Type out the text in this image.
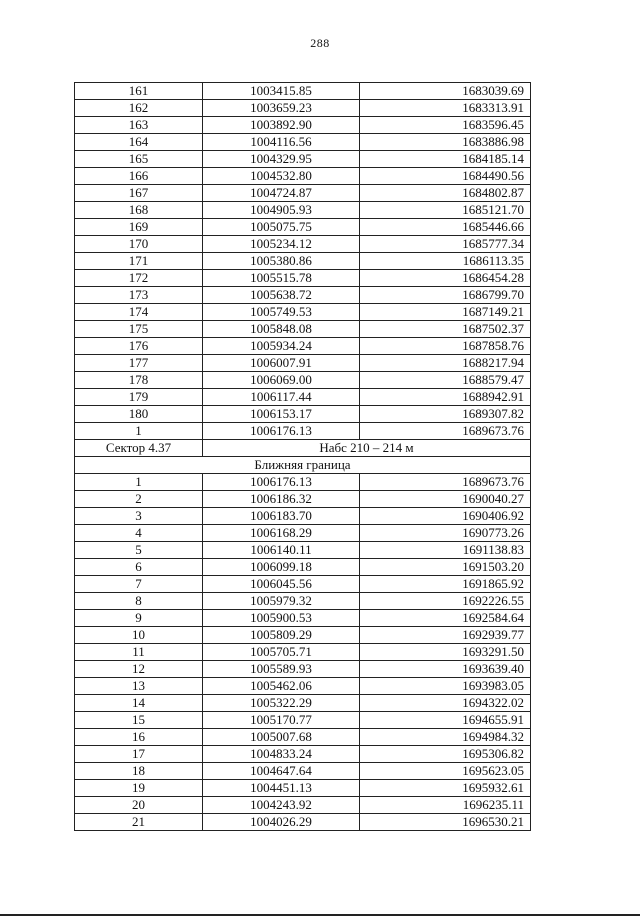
288
161	1003415.85	1683039.69
162	1003659.23	1683313.91
163	1003892.90	1683596.45
164	1004116.56	1683886.98
165	1004329.95	1684185.14
166	1004532.80	1684490.56
167	1004724.87	1684802.87
168	1004905.93	1685121.70
169	1005075.75	1685446.66
170	1005234.12	1685777.34
171	1005380.86	1686113.35
172	1005515.78	1686454.28
173	1005638.72	1686799.70
174	1005749.53	1687149.21
175	1005848.08	1687502.37
176	1005934.24	1687858.76
177	1006007.91	1688217.94
178	1006069.00	1688579.47
179	1006117.44	1688942.91
180	1006153.17	1689307.82
1	1006176.13	1689673.76
Сектор 4.37	Набс 210 – 214 м	
Ближняя граница		
1	1006176.13	1689673.76
2	1006186.32	1690040.27
3	1006183.70	1690406.92
4	1006168.29	1690773.26
5	1006140.11	1691138.83
6	1006099.18	1691503.20
7	1006045.56	1691865.92
8	1005979.32	1692226.55
9	1005900.53	1692584.64
10	1005809.29	1692939.77
11	1005705.71	1693291.50
12	1005589.93	1693639.40
13	1005462.06	1693983.05
14	1005322.29	1694322.02
15	1005170.77	1694655.91
16	1005007.68	1694984.32
17	1004833.24	1695306.82
18	1004647.64	1695623.05
19	1004451.13	1695932.61
20	1004243.92	1696235.11
21	1004026.29	1696530.21
